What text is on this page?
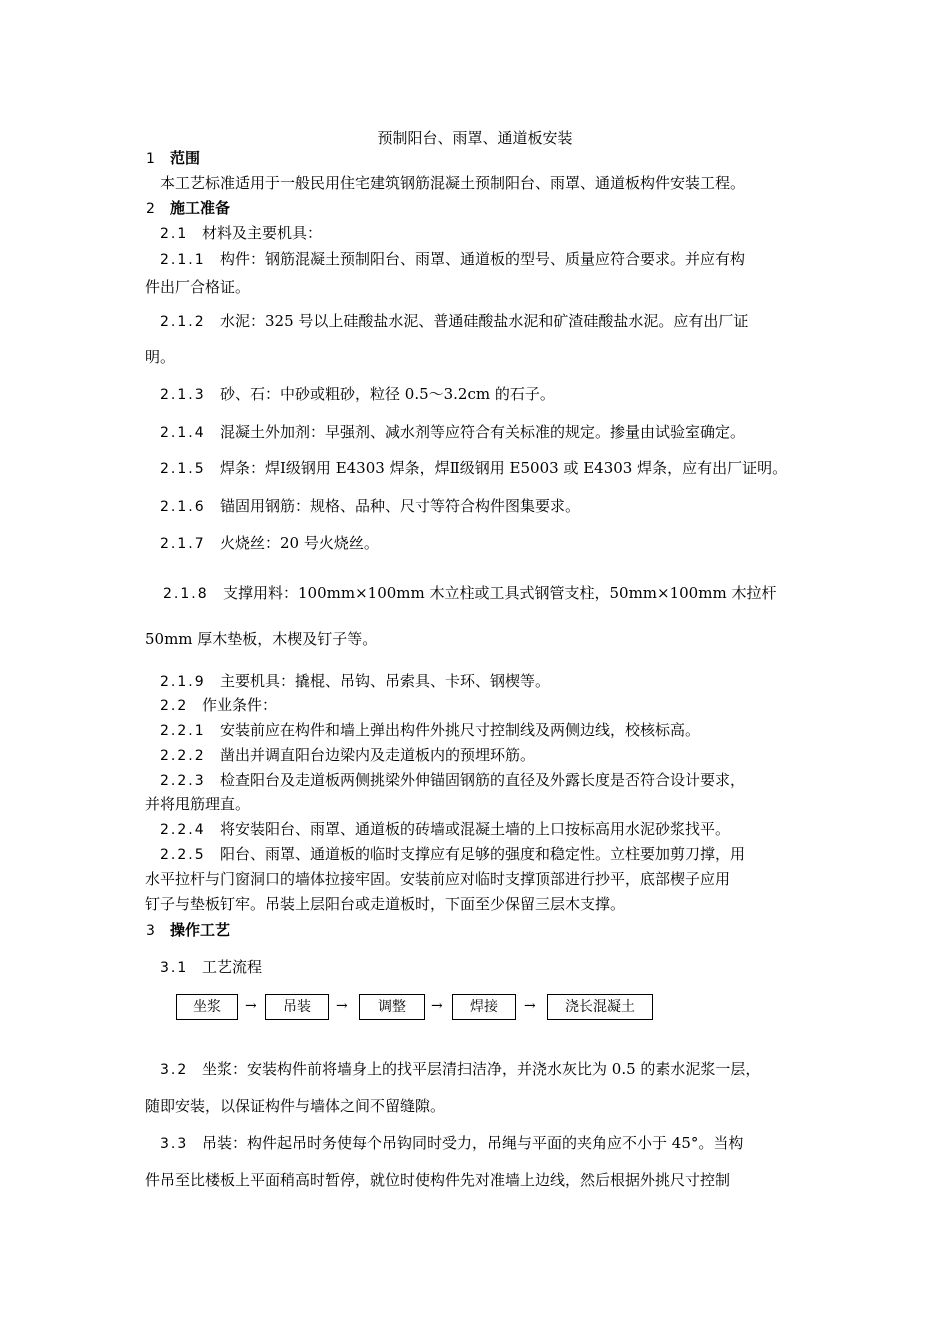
预制阳台、雨罩、通道板安装
1 范围
本工艺标准适用于一般民用住宅建筑钢筋混凝土预制阳台、雨罩、通道板构件安装工程。
2 施工准备
2.1 材料及主要机具：
2.1.1 构件：钢筋混凝土预制阳台、雨罩、通道板的型号、质量应符合要求。并应有构
件出厂合格证。
2.1.2 水泥：325 号以上硅酸盐水泥、普通硅酸盐水泥和矿渣硅酸盐水泥。应有出厂证
明。
2.1.3 砂、石：中砂或粗砂，粒径 0.5～3.2cm 的石子。
2.1.4 混凝土外加剂：早强剂、减水剂等应符合有关标准的规定。掺量由试验室确定。
2.1.5 焊条：焊Ⅰ级钢用 E4303 焊条，焊Ⅱ级钢用 E5003 或 E4303 焊条，应有出厂证明。
2.1.6 锚固用钢筋：规格、品种、尺寸等符合构件图集要求。
2.1.7 火烧丝：20 号火烧丝。
2.1.8 支撑用料：100mm×100mm 木立柱或工具式钢管支柱，50mm×100mm 木拉杆
50mm 厚木垫板，木楔及钉子等。
2.1.9 主要机具：撬棍、吊钩、吊索具、卡环、钢楔等。
2.2 作业条件：
2.2.1 安装前应在构件和墙上弹出构件外挑尺寸控制线及两侧边线，校核标高。
2.2.2 凿出并调直阳台边梁内及走道板内的预埋环筋。
2.2.3 检查阳台及走道板两侧挑梁外伸锚固钢筋的直径及外露长度是否符合设计要求，
并将甩筋理直。
2.2.4 将安装阳台、雨罩、通道板的砖墙或混凝土墙的上口按标高用水泥砂浆找平。
2.2.5 阳台、雨罩、通道板的临时支撑应有足够的强度和稳定性。立柱要加剪刀撑，用
水平拉杆与门窗洞口的墙体拉接牢固。安装前应对临时支撑顶部进行抄平，底部楔子应用
钉子与垫板钉牢。吊装上层阳台或走道板时，下面至少保留三层木支撑。
3 操作工艺
3.1 工艺流程
3.2 坐浆：安装构件前将墙身上的找平层清扫洁净，并浇水灰比为 0.5 的素水泥浆一层，
随即安装，以保证构件与墙体之间不留缝隙。
3.3 吊装：构件起吊时务使每个吊钩同时受力，吊绳与平面的夹角应不小于 45°。当构
件吊至比楼板上平面稍高时暂停，就位时使构件先对准墙上边线，然后根据外挑尺寸控制
坐浆	→	吊装	→	调整	→	焊接	→	浇长混凝土
